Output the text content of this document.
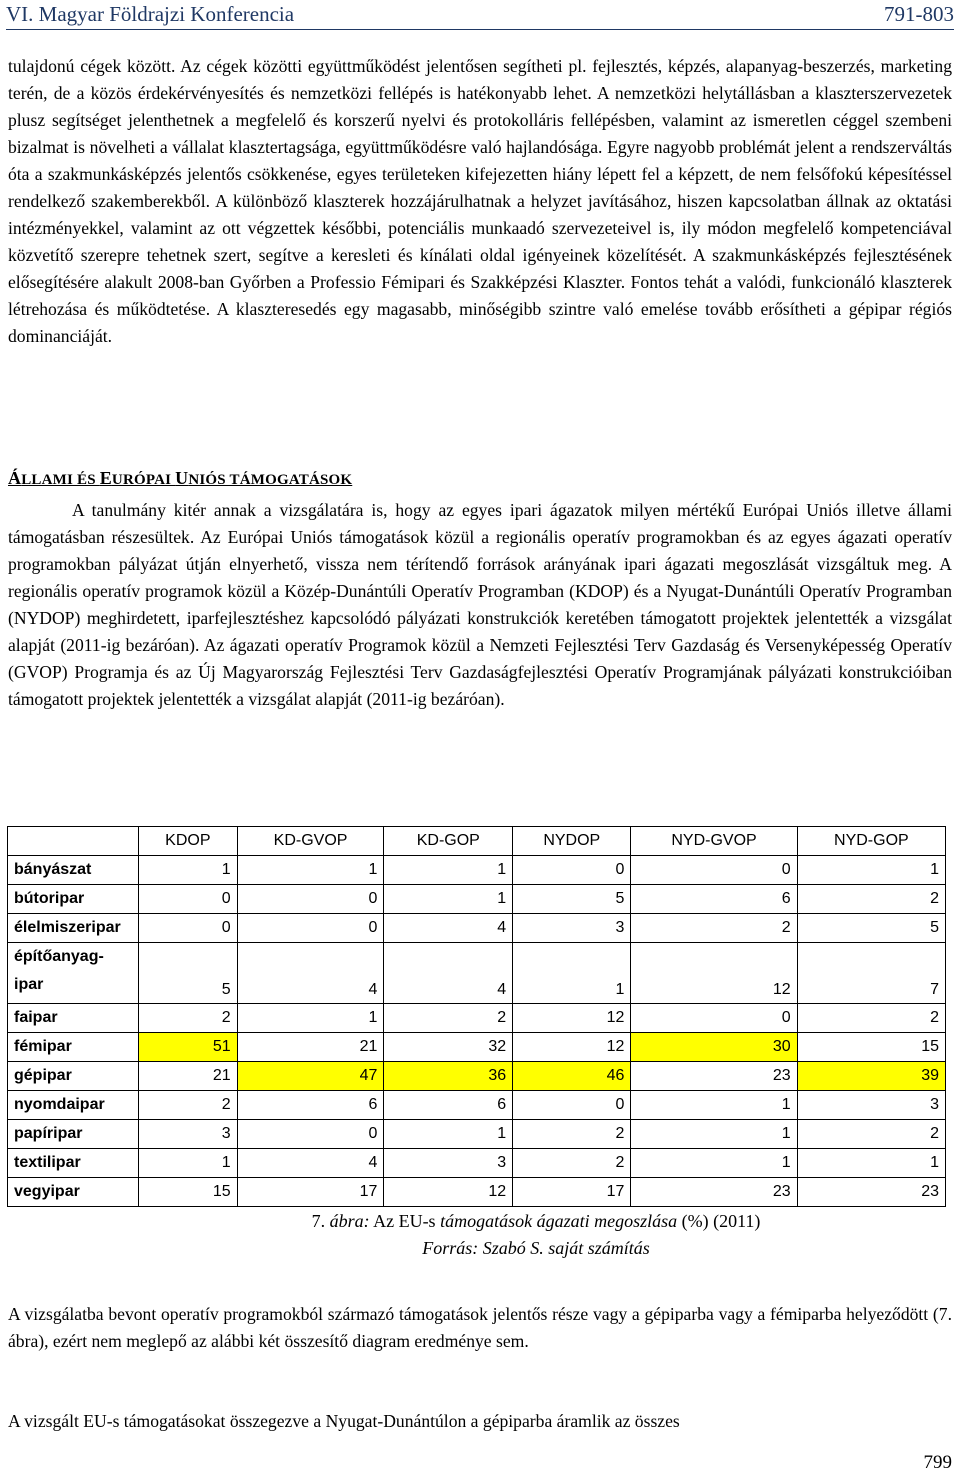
VI. Magyar Földrajzi Konferencia	791-803
tulajdonú cégek között. Az cégek közötti együttműködést jelentősen segítheti pl. fejlesztés, képzés, alapanyag-beszerzés, marketing terén, de a közös érdekérvényesítés és nemzetközi fellépés is hatékonyabb lehet. A nemzetközi helytállásban a klaszterszervezetek plusz segítséget jelenthetnek a megfelelő és korszerű nyelvi és protokolláris fellépésben, valamint az ismeretlen céggel szembeni bizalmat is növelheti a vállalat klasztertagsága, együttműködésre való hajlandósága. Egyre nagyobb problémát jelent a rendszerváltás óta a szakmunkásképzés jelentős csökkenése, egyes területeken kifejezetten hiány lépett fel a képzett, de nem felsőfokú képesítéssel rendelkező szakemberekből. A különböző klaszterek hozzájárulhatnak a helyzet javításához, hiszen kapcsolatban állnak az oktatási intézményekkel, valamint az ott végzettek későbbi, potenciális munkaadó szervezeteivel is, ily módon megfelelő kompetenciával közvetítő szerepre tehetnek szert, segítve a keresleti és kínálati oldal igényeinek közelítését. A szakmunkásképzés fejlesztésének elősegítésére alakult 2008-ban Győrben a Professio Fémipari és Szakképzési Klaszter. Fontos tehát a valódi, funkcionáló klaszterek létrehozása és működtetése. A klaszteresedés egy magasabb, minőségibb szintre való emelése tovább erősítheti a gépipar régiós dominanciáját.
ÁLLAMI ÉS EURÓPAI UNIÓS TÁMOGATÁSOK
A tanulmány kitér annak a vizsgálatára is, hogy az egyes ipari ágazatok milyen mértékű Európai Uniós illetve állami támogatásban részesültek. Az Európai Uniós támogatások közül a regionális operatív programokban és az egyes ágazati operatív programokban pályázat útján elnyerhető, vissza nem térítendő források arányának ipari ágazati megoszlását vizsgáltuk meg. A regionális operatív programok közül a Közép-Dunántúli Operatív Programban (KDOP) és a Nyugat-Dunántúli Operatív Programban (NYDOP) meghirdetett, iparfejlesztéshez kapcsolódó pályázati konstrukciók keretében támogatott projektek jelentették a vizsgálat alapját (2011-ig bezáróan). Az ágazati operatív Programok közül a Nemzeti Fejlesztési Terv Gazdaság és Versenyképesség Operatív (GVOP) Programja és az Új Magyarország Fejlesztési Terv Gazdaságfejlesztési Operatív Programjának pályázati konstrukcióiban támogatott projektek jelentették a vizsgálat alapját (2011-ig bezáróan).
	KDOP	KD-GVOP	KD-GOP	NYDOP	NYD-GVOP	NYD-GOP
bányászat	1	1	1	0	0	1
bútoripar	0	0	1	5	6	2
élelmiszeripar	0	0	4	3	2	5

építőanyag-
ipar	5	4	4	1	12	7
faipar	2	1	2	12	0	2
fémipar	51	21	32	12	30	15
gépipar	21	47	36	46	23	39
nyomdaipar	2	6	6	0	1	3
papíripar	3	0	1	2	1	2
textilipar	1	4	3	2	1	1
vegyipar	15	17	12	17	23	23
7. ábra: Az EU-s támogatások ágazati megoszlása (%) (2011)
Forrás: Szabó S. saját számítás
A vizsgálatba bevont operatív programokból származó támogatások jelentős része vagy a gépiparba vagy a fémiparba helyeződött (7. ábra), ezért nem meglepő az alábbi két összesítő diagram eredménye sem.
A vizsgált EU-s támogatásokat összegezve a Nyugat-Dunántúlon a gépiparba áramlik az összes
799
